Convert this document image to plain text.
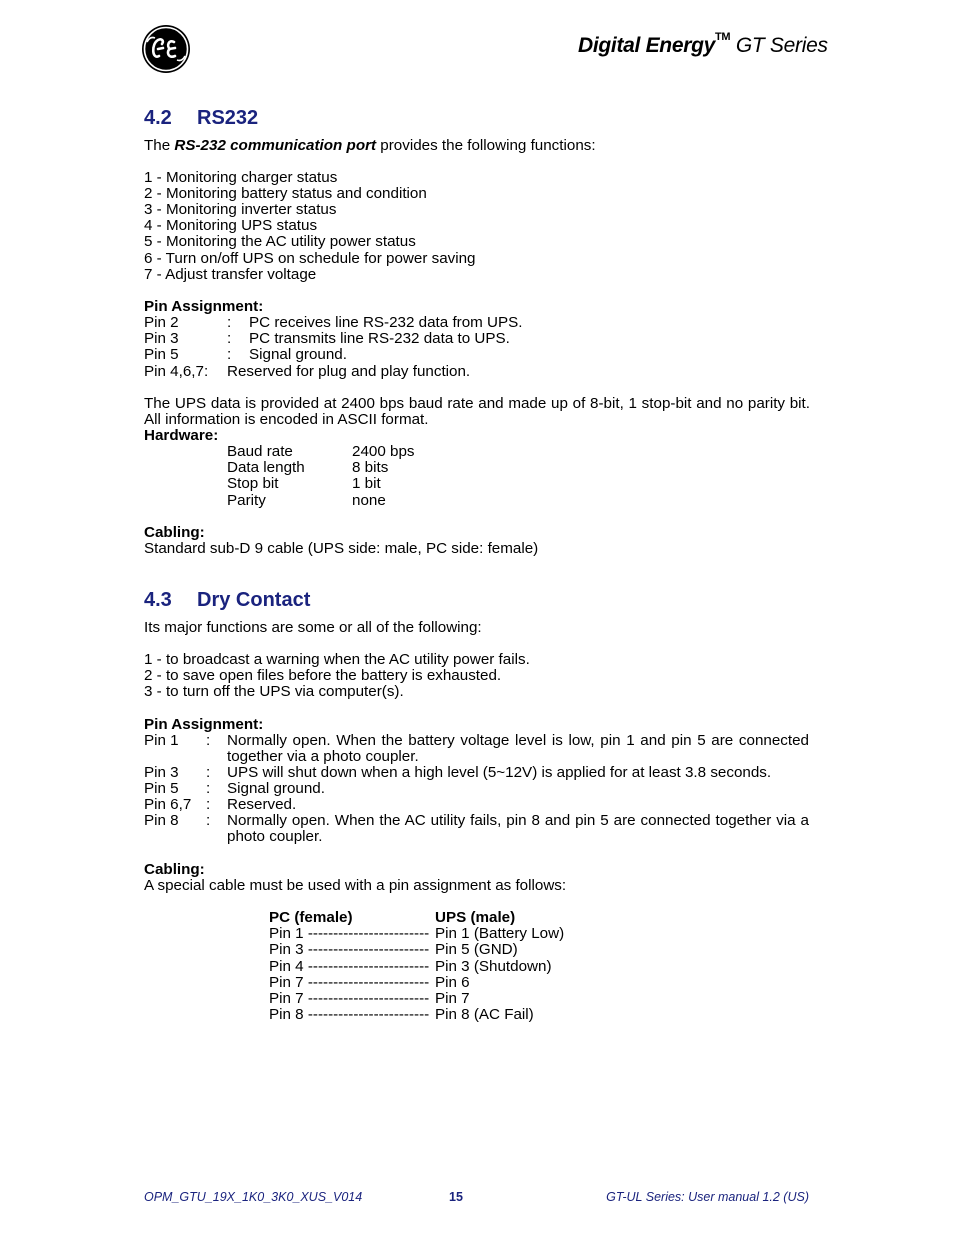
Digital Energy™ GT Series
4.2 RS232
The RS-232 communication port provides the following functions:
1 - Monitoring charger status
2 - Monitoring battery status and condition
3 - Monitoring inverter status
4 - Monitoring UPS status
5 - Monitoring the AC utility power status
6 - Turn on/off UPS on schedule for power saving
7 - Adjust transfer voltage
Pin Assignment:
Pin 2	: PC receives line RS-232 data from UPS.
Pin 3	: PC transmits line RS-232 data to UPS.
Pin 5	: Signal ground.
Pin 4,6,7: Reserved for plug and play function.
The UPS data is provided at 2400 bps baud rate and made up of 8-bit, 1 stop-bit and no parity bit. All information is encoded in ASCII format.
Hardware:
Baud rate	2400 bps
Data length	8 bits
Stop bit	1 bit
Parity	none
Cabling:
Standard sub-D 9 cable (UPS side: male, PC side: female)
4.3 Dry Contact
Its major functions are some or all of the following:
1 - to broadcast a warning when the AC utility power fails.
2 - to save open files before the battery is exhausted.
3 - to turn off the UPS via computer(s).
Pin Assignment:
Pin 1 : Normally open. When the battery voltage level is low, pin 1 and pin 5 are connected together via a photo coupler.
Pin 3 : UPS will shut down when a high level (5~12V) is applied for at least 3.8 seconds.
Pin 5 : Signal ground.
Pin 6,7 : Reserved.
Pin 8 : Normally open. When the AC utility fails, pin 8 and pin 5 are connected together via a photo coupler.
Cabling:
A special cable must be used with a pin assignment as follows:
PC (female)	UPS (male)
Pin 1 ------------------------ Pin 1 (Battery Low)
Pin 3 ------------------------ Pin 5 (GND)
Pin 4 ------------------------ Pin 3 (Shutdown)
Pin 7 ------------------------ Pin 6
Pin 7 ------------------------ Pin 7
Pin 8 ------------------------ Pin 8 (AC Fail)
OPM_GTU_19X_1K0_3K0_XUS_V014	15	GT-UL Series: User manual 1.2 (US)
